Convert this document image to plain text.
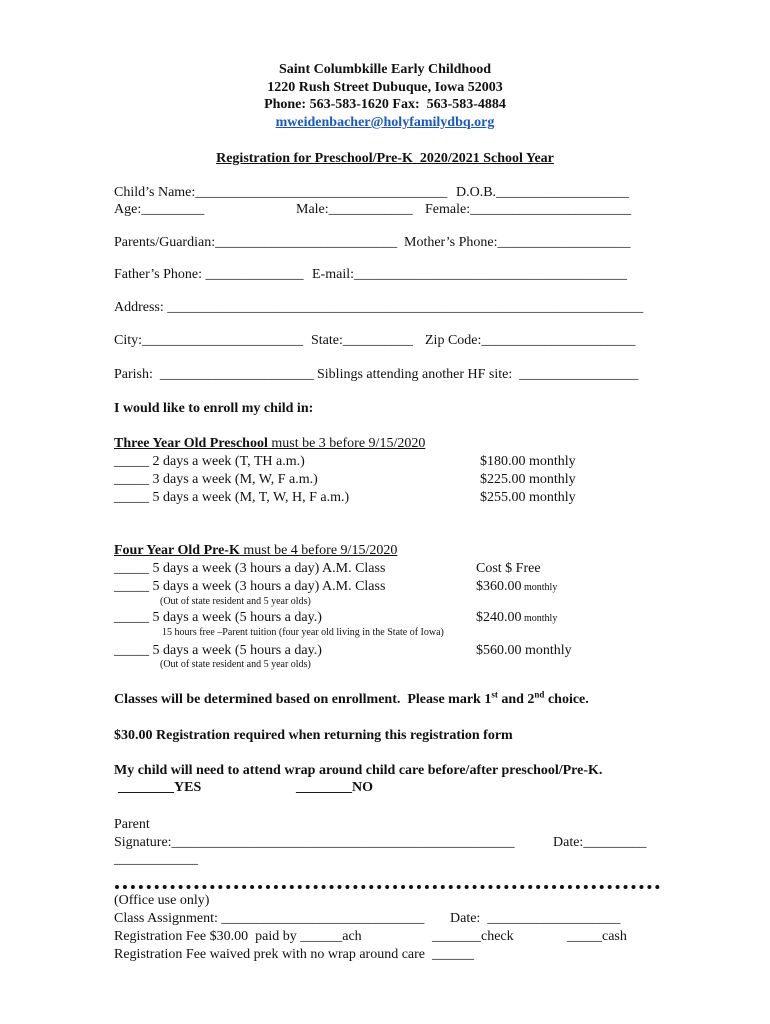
Saint Columbkille Early Childhood
1220 Rush Street Dubuque, Iowa 52003
Phone: 563-583-1620 Fax:  563-583-4884
mweidenbacher@holyfamilydbq.org
Registration for Preschool/Pre-K  2020/2021 School Year
Child’s Name:____________________________________ D.O.B.___________________
Age:_________	Male:____________ Female:_______________________
Parents/Guardian:__________________________ Mother’s Phone:___________________
Father’s Phone: ______________ E-mail:_______________________________________
Address: ____________________________________________________________________
City:_______________________ State:__________ Zip Code:______________________
Parish:  ______________________ Siblings attending another HF site:  _________________
I would like to enroll my child in:
Three Year Old Preschool must be 3 before 9/15/2020
_____ 2 days a week (T, TH a.m.)	$180.00 monthly
_____ 3 days a week (M, W, F a.m.)	$225.00 monthly
_____ 5 days a week (M, T, W, H, F a.m.)	$255.00 monthly
Four Year Old Pre-K must be 4 before 9/15/2020
_____ 5 days a week (3 hours a day) A.M. Class	Cost $ Free
_____ 5 days a week (3 hours a day) A.M. Class	$360.00 monthly
(Out of state resident and 5 year olds)
_____ 5 days a week (5 hours a day.)	$240.00 monthly
15 hours free –Parent tuition (four year old living in the State of Iowa)
_____ 5 days a week (5 hours a day.)	$560.00 monthly
(Out of state resident and 5 year olds)
Classes will be determined based on enrollment.  Please mark 1st and 2nd choice.
$30.00 Registration required when returning this registration form
My child will need to attend wrap around child care before/after preschool/Pre-K.
________YES	________NO
Parent
Signature:_________________________________________________	Date:_________
____________
(Office use only)
Class Assignment: _____________________________ Date:  ___________________
Registration Fee $30.00  paid by ______ach	_______check	_____cash
Registration Fee waived prek with no wrap around care  ______
